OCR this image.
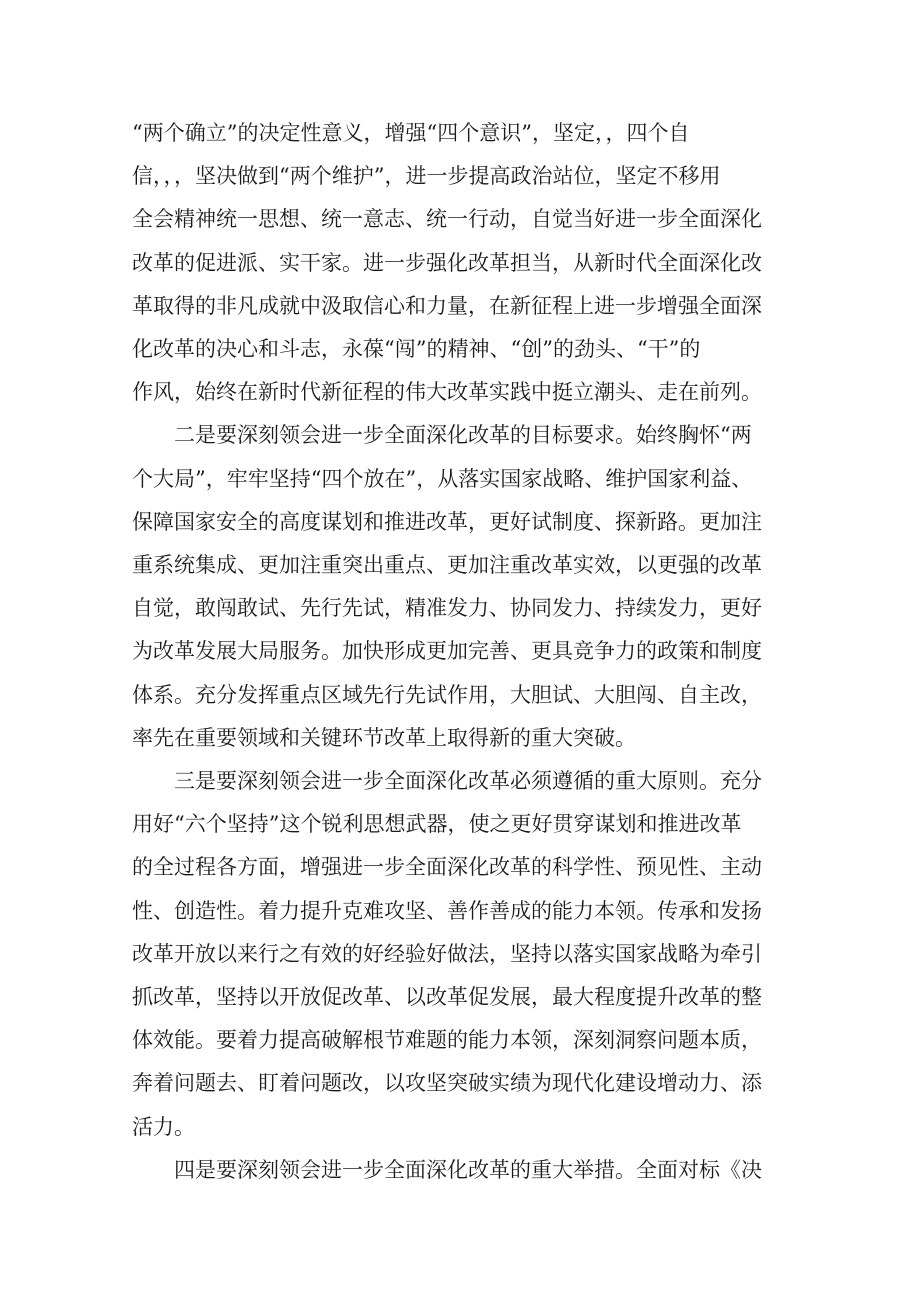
“两个确立”的决定性意义，增强“四个意识”，坚定，，四个自
信，，，坚决做到“两个维护”，进一步提高政治站位，坚定不移用
全会精神统一思想、统一意志、统一行动，自觉当好进一步全面深化
改革的促进派、实干家。进一步强化改革担当，从新时代全面深化改
革取得的非凡成就中汲取信心和力量，在新征程上进一步增强全面深
化改革的决心和斗志，永葆“闯”的精神、“创”的劲头、“干”的
作风，始终在新时代新征程的伟大改革实践中挺立潮头、走在前列。

　　二是要深刻领会进一步全面深化改革的目标要求。始终胸怀“两
个大局”，牢牢坚持“四个放在”，从落实国家战略、维护国家利益、
保障国家安全的高度谋划和推进改革，更好试制度、探新路。更加注
重系统集成、更加注重突出重点、更加注重改革实效，以更强的改革
自觉，敢闯敢试、先行先试，精准发力、协同发力、持续发力，更好
为改革发展大局服务。加快形成更加完善、更具竞争力的政策和制度
体系。充分发挥重点区域先行先试作用，大胆试、大胆闯、自主改，
率先在重要领域和关键环节改革上取得新的重大突破。

　　三是要深刻领会进一步全面深化改革必须遵循的重大原则。充分
用好“六个坚持”这个锐利思想武器，使之更好贯穿谋划和推进改革
的全过程各方面，增强进一步全面深化改革的科学性、预见性、主动
性、创造性。着力提升克难攻坚、善作善成的能力本领。传承和发扬
改革开放以来行之有效的好经验好做法，坚持以落实国家战略为牵引
抓改革，坚持以开放促改革、以改革促发展，最大程度提升改革的整
体效能。要着力提高破解根节难题的能力本领，深刻洞察问题本质，
奔着问题去、盯着问题改，以攻坚突破实绩为现代化建设增动力、添
活力。

　　四是要深刻领会进一步全面深化改革的重大举措。全面对标《决
